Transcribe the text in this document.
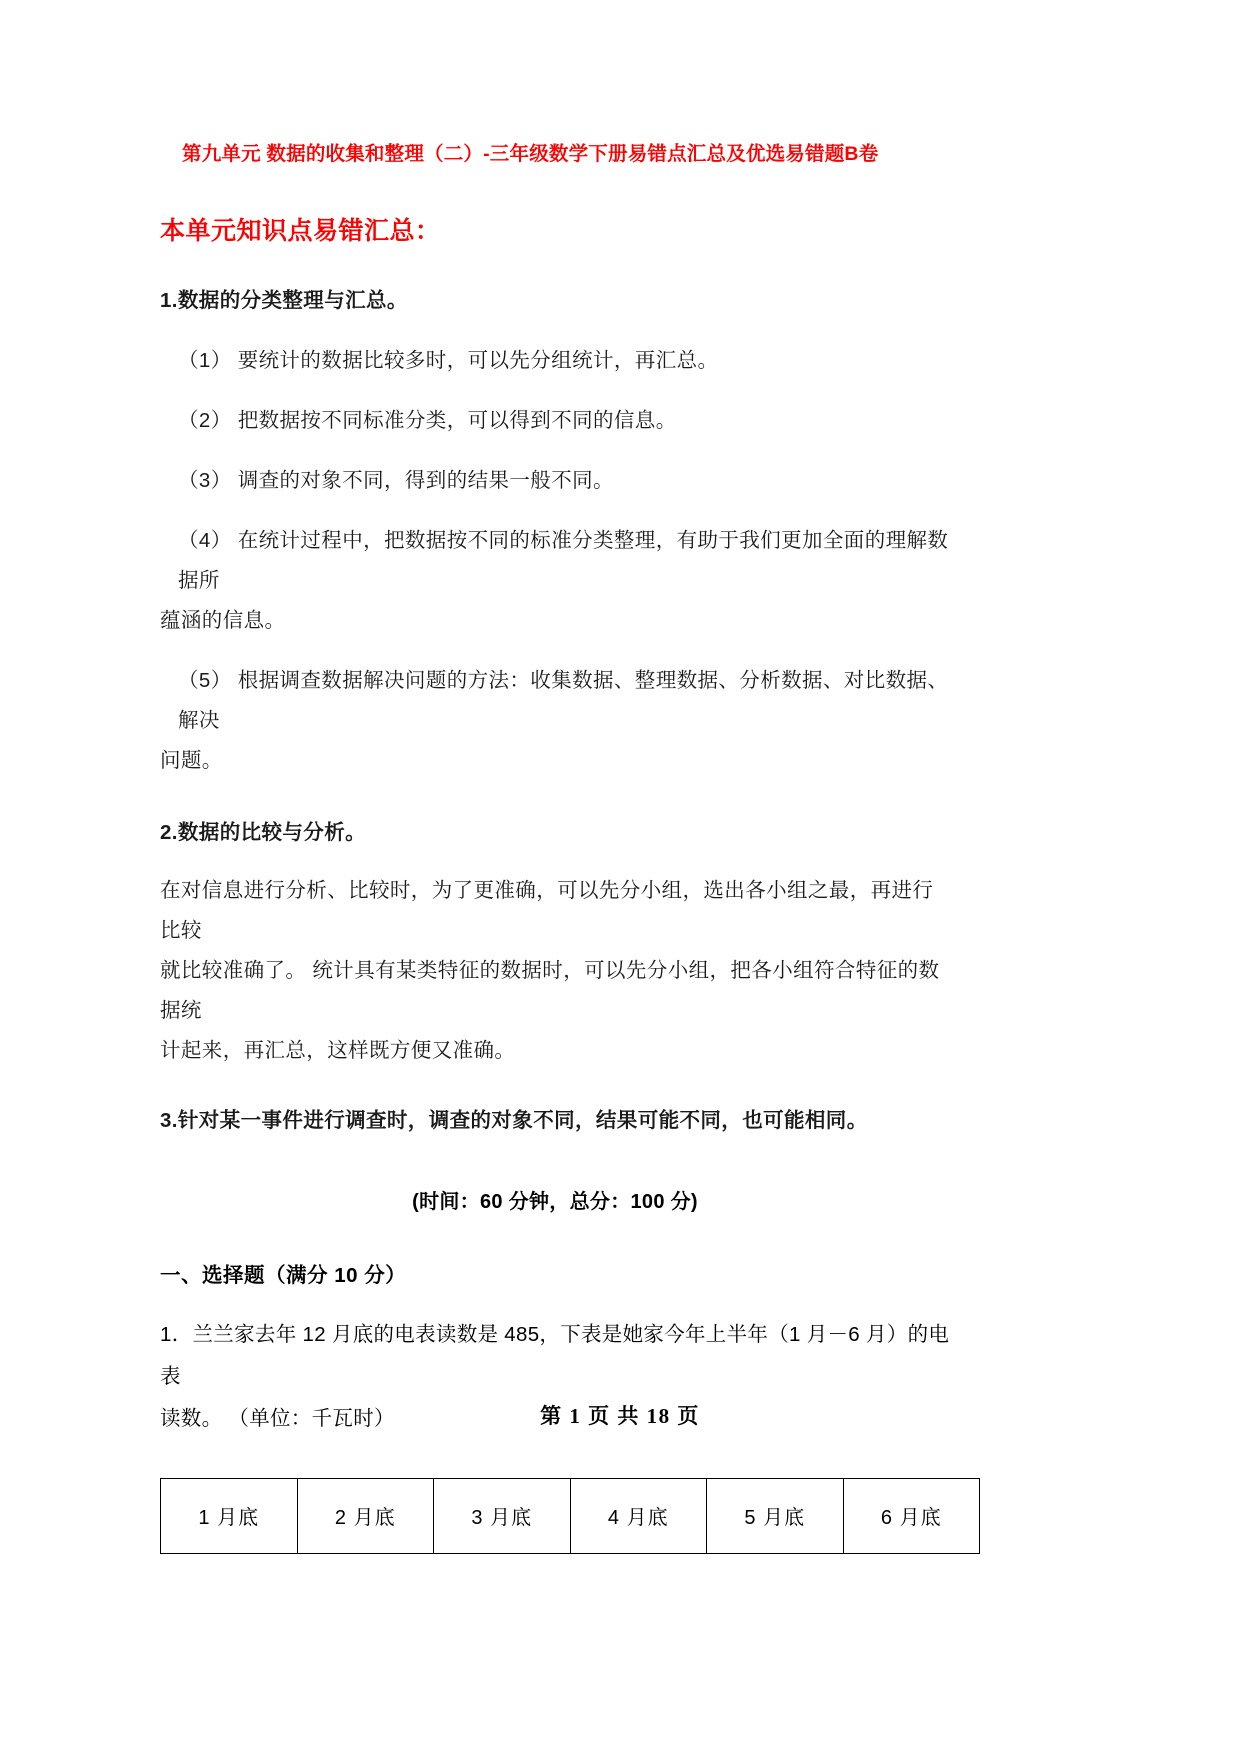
第九单元 数据的收集和整理（二）-三年级数学下册易错点汇总及优选易错题B卷
本单元知识点易错汇总：

1.数据的分类整理与汇总。

（1） 要统计的数据比较多时，可以先分组统计，再汇总。

（2） 把数据按不同标准分类，可以得到不同的信息。

（3） 调查的对象不同，得到的结果一般不同。

（4） 在统计过程中，把数据按不同的标准分类整理，有助于我们更加全面的理解数据所

蕴涵的信息。

（5） 根据调查数据解决问题的方法：收集数据、整理数据、分析数据、对比数据、解决

问题。

2.数据的比较与分析。

在对信息进行分析、比较时，为了更准确，可以先分小组，选出各小组之最，再进行比较

就比较准确了。 统计具有某类特征的数据时，可以先分小组，把各小组符合特征的数据统

计起来，再汇总，这样既方便又准确。

3.针对某一事件进行调查时，调查的对象不同，结果可能不同，也可能相同。

(时间：60 分钟，总分：100 分)

一、选择题（满分 10 分）

1．兰兰家去年 12 月底的电表读数是 485，下表是她家今年上半年（1 月－6 月）的电表

读数。 （单位：千瓦时）

1 月底	2 月底	3 月底	4 月底	5 月底	6 月底
第 1 页 共 18 页
